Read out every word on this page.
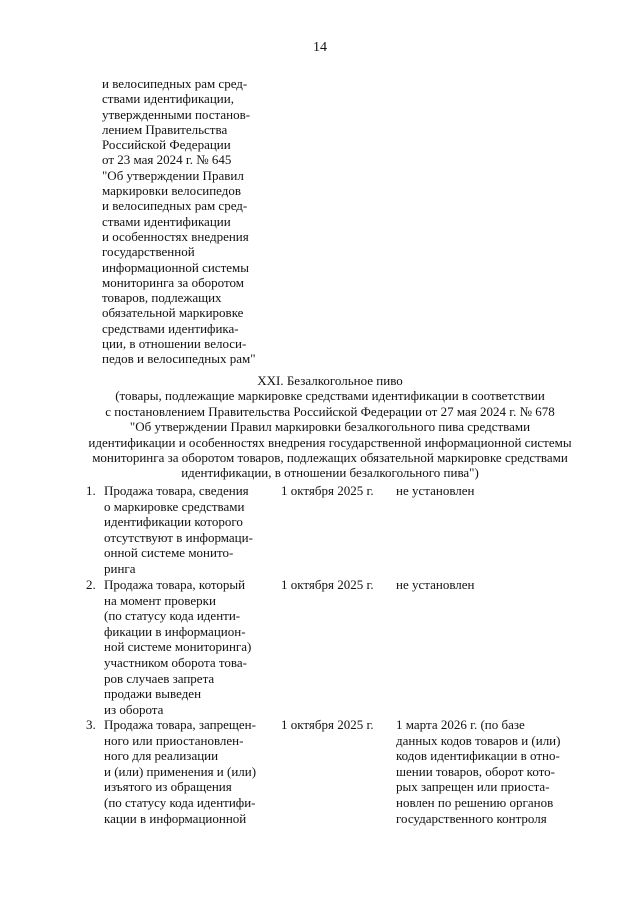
14
и велосипедных рам сред-
ствами идентификации,
утвержденными постанов-
лением Правительства
Российской Федерации
от 23 мая 2024 г. № 645
"Об утверждении Правил
маркировки велосипедов
и велосипедных рам сред-
ствами идентификации
и особенностях внедрения
государственной
информационной системы
мониторинга за оборотом
товаров, подлежащих
обязательной маркировке
средствами идентифика-
ции, в отношении велоси-
педов и велосипедных рам"
XXI. Безалкогольное пиво
(товары, подлежащие маркировке средствами идентификации в соответствии
с постановлением Правительства Российской Федерации от 27 мая 2024 г. № 678
"Об утверждении Правил маркировки безалкогольного пива средствами
идентификации и особенностях внедрения государственной информационной системы
мониторинга за оборотом товаров, подлежащих обязательной маркировке средствами
идентификации, в отношении безалкогольного пива")
1. Продажа товара, сведения
о маркировке средствами
идентификации которого
отсутствуют в информаци-
онной системе монито-
ринга
1 октября 2025 г. не установлен
2. Продажа товара, который
на момент проверки
(по статусу кода иденти-
фикации в информацион-
ной системе мониторинга)
участником оборота това-
ров случаев запрета
продажи выведен
из оборота
1 октября 2025 г. не установлен
3. Продажа товара, запрещен-
ного или приостановлен-
ного для реализации
и (или) применения и (или)
изъятого из обращения
(по статусу кода идентифи-
кации в информационной
1 октября 2025 г. 1 марта 2026 г. (по базе
данных кодов товаров и (или)
кодов идентификации в отно-
шении товаров, оборот кото-
рых запрещен или приоста-
новлен по решению органов
государственного контроля
